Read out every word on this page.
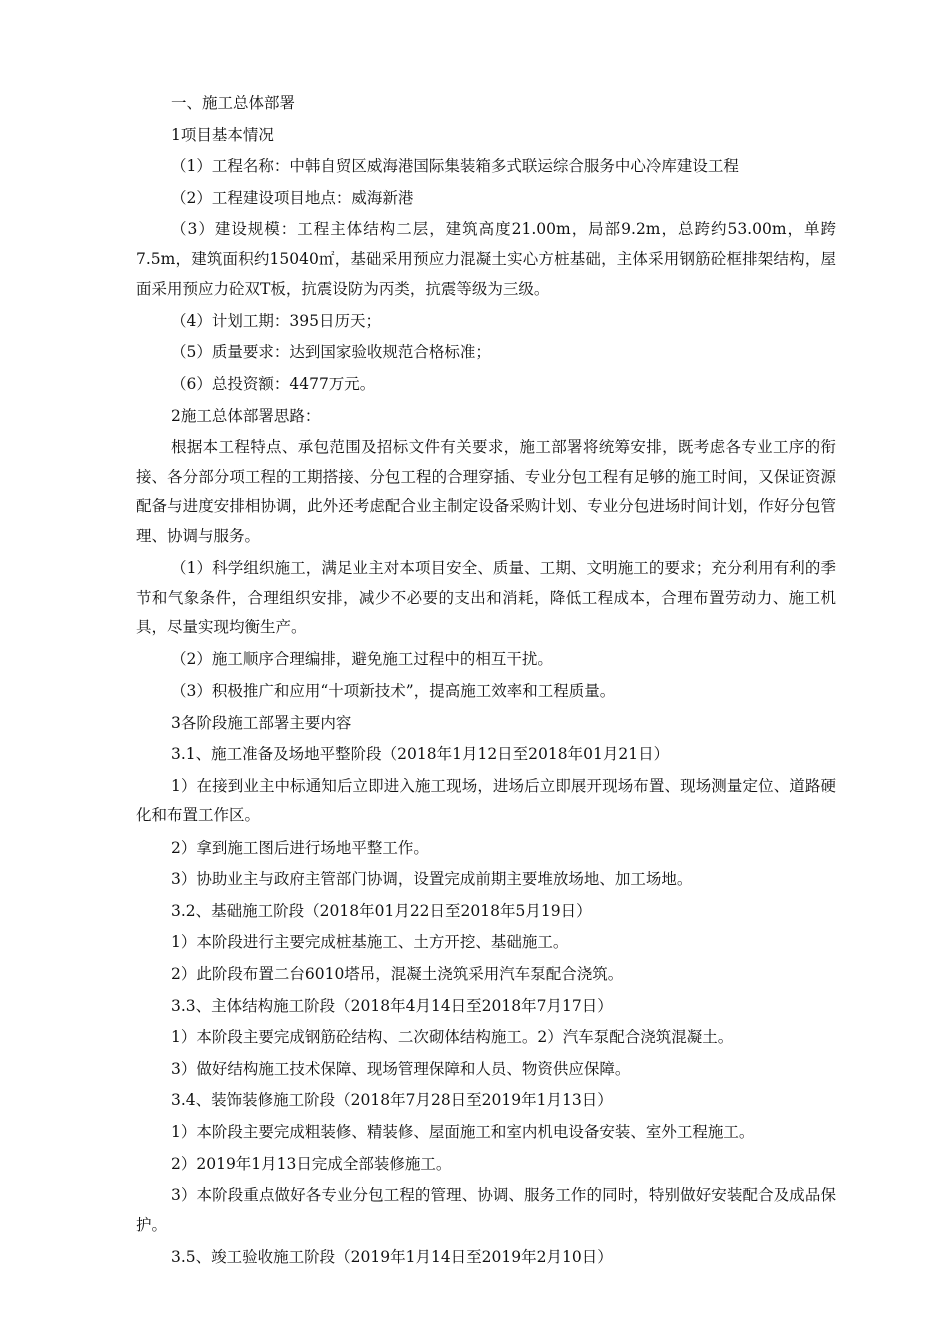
一、施工总体部署

1项目基本情况

（1）工程名称：中韩自贸区威海港国际集装箱多式联运综合服务中心冷库建设工程

（2）工程建设项目地点：威海新港

（3）建设规模：工程主体结构二层，建筑高度21.00m，局部9.2m，总跨约53.00m，单跨7.5m，建筑面积约15040㎡，基础采用预应力混凝土实心方桩基础，主体采用钢筋砼框排架结构，屋面采用预应力砼双T板，抗震设防为丙类，抗震等级为三级。

（4）计划工期：395日历天；

（5）质量要求：达到国家验收规范合格标准；

（6）总投资额：4477万元。

2施工总体部署思路：

根据本工程特点、承包范围及招标文件有关要求，施工部署将统筹安排，既考虑各专业工序的衔接、各分部分项工程的工期搭接、分包工程的合理穿插、专业分包工程有足够的施工时间，又保证资源配备与进度安排相协调，此外还考虑配合业主制定设备采购计划、专业分包进场时间计划，作好分包管理、协调与服务。

（1）科学组织施工，满足业主对本项目安全、质量、工期、文明施工的要求；充分利用有利的季节和气象条件，合理组织安排，减少不必要的支出和消耗，降低工程成本，合理布置劳动力、施工机具，尽量实现均衡生产。

（2）施工顺序合理编排，避免施工过程中的相互干扰。

（3）积极推广和应用“十项新技术”，提高施工效率和工程质量。

3各阶段施工部署主要内容

3.1、施工准备及场地平整阶段（2018年1月12日至2018年01月21日）

1）在接到业主中标通知后立即进入施工现场，进场后立即展开现场布置、现场测量定位、道路硬化和布置工作区。

2）拿到施工图后进行场地平整工作。

3）协助业主与政府主管部门协调，设置完成前期主要堆放场地、加工场地。

3.2、基础施工阶段（2018年01月22日至2018年5月19日）

1）本阶段进行主要完成桩基施工、土方开挖、基础施工。

2）此阶段布置二台6010塔吊，混凝土浇筑采用汽车泵配合浇筑。

3.3、主体结构施工阶段（2018年4月14日至2018年7月17日）

1）本阶段主要完成钢筋砼结构、二次砌体结构施工。2）汽车泵配合浇筑混凝土。

3）做好结构施工技术保障、现场管理保障和人员、物资供应保障。

3.4、装饰装修施工阶段（2018年7月28日至2019年1月13日）

1）本阶段主要完成粗装修、精装修、屋面施工和室内机电设备安装、室外工程施工。

2）2019年1月13日完成全部装修施工。

3）本阶段重点做好各专业分包工程的管理、协调、服务工作的同时，特别做好安装配合及成品保护。

3.5、竣工验收施工阶段（2019年1月14日至2019年2月10日）
